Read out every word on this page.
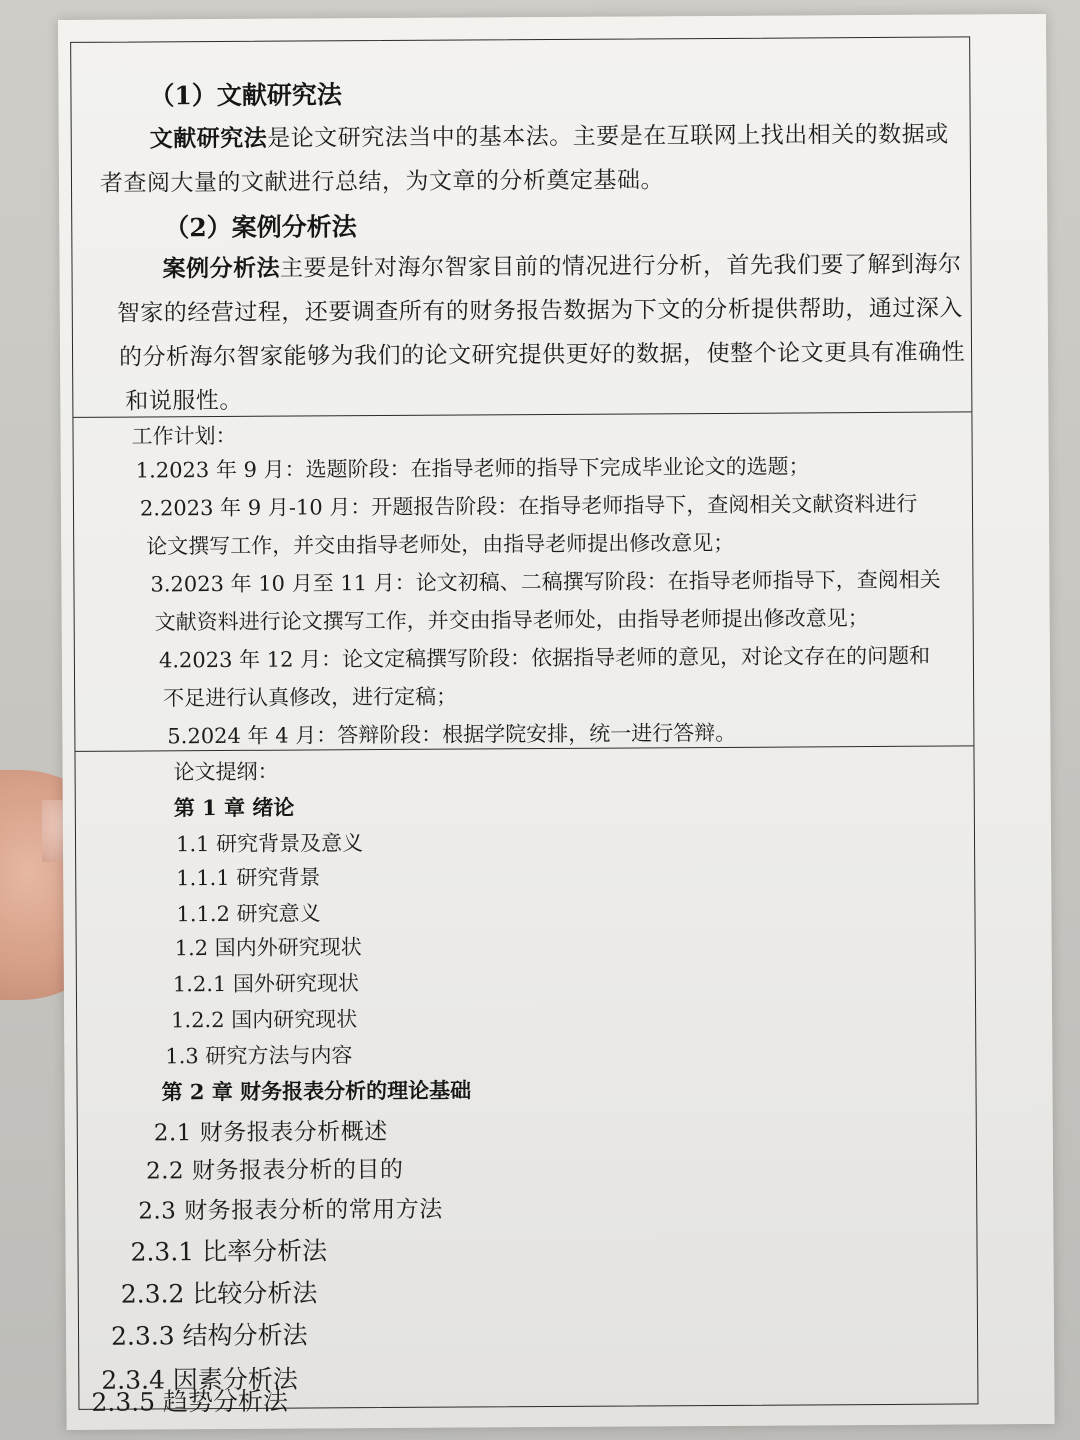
（1）文献研究法
文献研究法是论文研究法当中的基本法。主要是在互联网上找出相关的数据或
者查阅大量的文献进行总结，为文章的分析奠定基础。
（2）案例分析法
案例分析法主要是针对海尔智家目前的情况进行分析，首先我们要了解到海尔
智家的经营过程，还要调查所有的财务报告数据为下文的分析提供帮助，通过深入
的分析海尔智家能够为我们的论文研究提供更好的数据，使整个论文更具有准确性
和说服性。
工作计划：
1.2023 年 9 月：选题阶段：在指导老师的指导下完成毕业论文的选题；
2.2023 年 9 月-10 月：开题报告阶段：在指导老师指导下，查阅相关文献资料进行
论文撰写工作，并交由指导老师处，由指导老师提出修改意见；
3.2023 年 10 月至 11 月：论文初稿、二稿撰写阶段：在指导老师指导下，查阅相关
文献资料进行论文撰写工作，并交由指导老师处，由指导老师提出修改意见；
4.2023 年 12 月：论文定稿撰写阶段：依据指导老师的意见，对论文存在的问题和
不足进行认真修改，进行定稿；
5.2024 年 4 月：答辩阶段：根据学院安排，统一进行答辩。
论文提纲：
第 1 章 绪论
1.1 研究背景及意义
1.1.1 研究背景
1.1.2 研究意义
1.2 国内外研究现状
1.2.1 国外研究现状
1.2.2 国内研究现状
1.3 研究方法与内容
第 2 章 财务报表分析的理论基础
2.1 财务报表分析概述
2.2 财务报表分析的目的
2.3 财务报表分析的常用方法
2.3.1 比率分析法
2.3.2 比较分析法
2.3.3 结构分析法
2.3.4 因素分析法
2.3.5 趋势分析法
